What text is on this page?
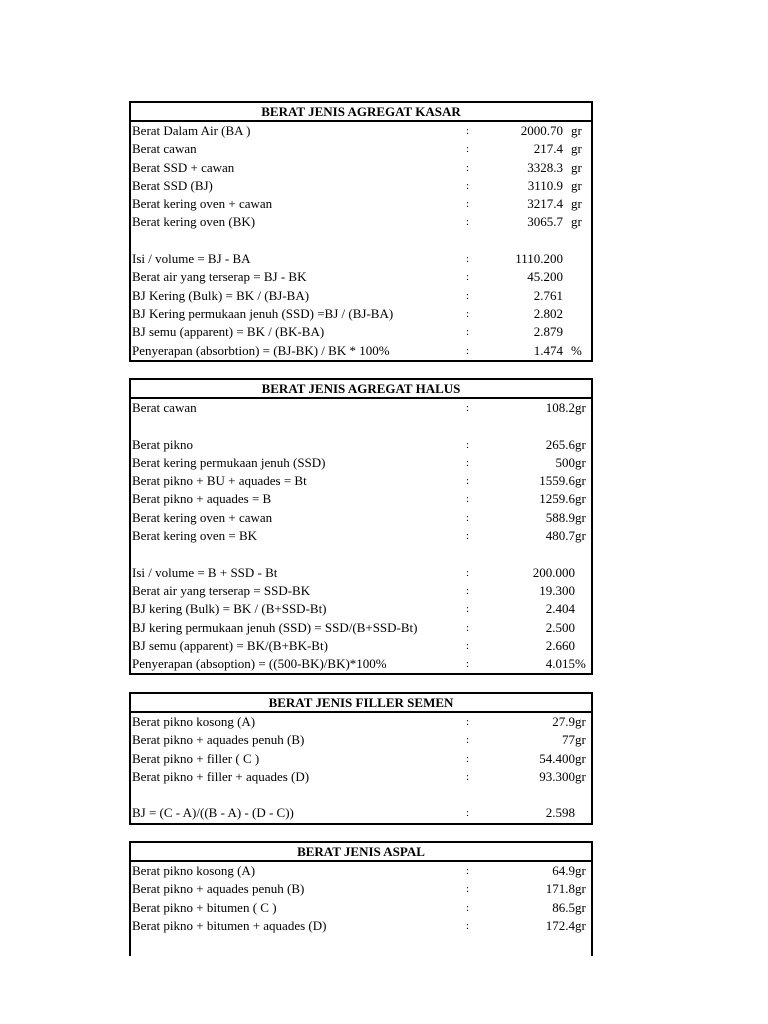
BERAT JENIS AGREGAT KASAR
Berat Dalam Air (BA )	:	2000.70 gr
Berat cawan	:	217.4 gr
Berat SSD + cawan	:	3328.3 gr
Berat SSD (BJ)	:	3110.9 gr
Berat kering oven + cawan	:	3217.4 gr
Berat kering oven (BK)	:	3065.7 gr
Isi / volume = BJ - BA	:	1110.200
Berat air yang terserap = BJ - BK	:	45.200
BJ Kering (Bulk) = BK / (BJ-BA)	:	2.761
BJ Kering permukaan jenuh (SSD) =BJ / (BJ-BA)	:	2.802
BJ semu (apparent) = BK / (BK-BA)	:	2.879
Penyerapan (absorbtion) = (BJ-BK) / BK * 100%	:	1.474 %
BERAT JENIS AGREGAT HALUS
Berat cawan	:	108.2 gr
Berat pikno	:	265.6 gr
Berat kering permukaan jenuh (SSD)	:	500 gr
Berat pikno + BU + aquades = Bt	:	1559.6 gr
Berat pikno + aquades = B	:	1259.6 gr
Berat kering oven + cawan	:	588.9 gr
Berat kering oven = BK	:	480.7 gr
Isi / volume = B + SSD - Bt	:	200.000
Berat air yang terserap = SSD-BK	:	19.300
BJ kering (Bulk) = BK / (B+SSD-Bt)	:	2.404
BJ kering permukaan jenuh (SSD) = SSD/(B+SSD-Bt)	:	2.500
BJ semu (apparent) = BK/(B+BK-Bt)	:	2.660
Penyerapan (absoption) = ((500-BK)/BK)*100%	:	4.015 %
BERAT JENIS FILLER SEMEN
Berat pikno kosong (A)	:	27.9 gr
Berat pikno + aquades penuh (B)	:	77 gr
Berat pikno + filler ( C )	:	54.400 gr
Berat pikno + filler + aquades (D)	:	93.300 gr
BJ = (C - A)/((B - A) - (D - C))	:	2.598
BERAT JENIS ASPAL
Berat pikno kosong (A)	:	64.9 gr
Berat pikno + aquades penuh (B)	:	171.8 gr
Berat pikno + bitumen ( C )	:	86.5 gr
Berat pikno + bitumen + aquades (D)	:	172.4 gr
